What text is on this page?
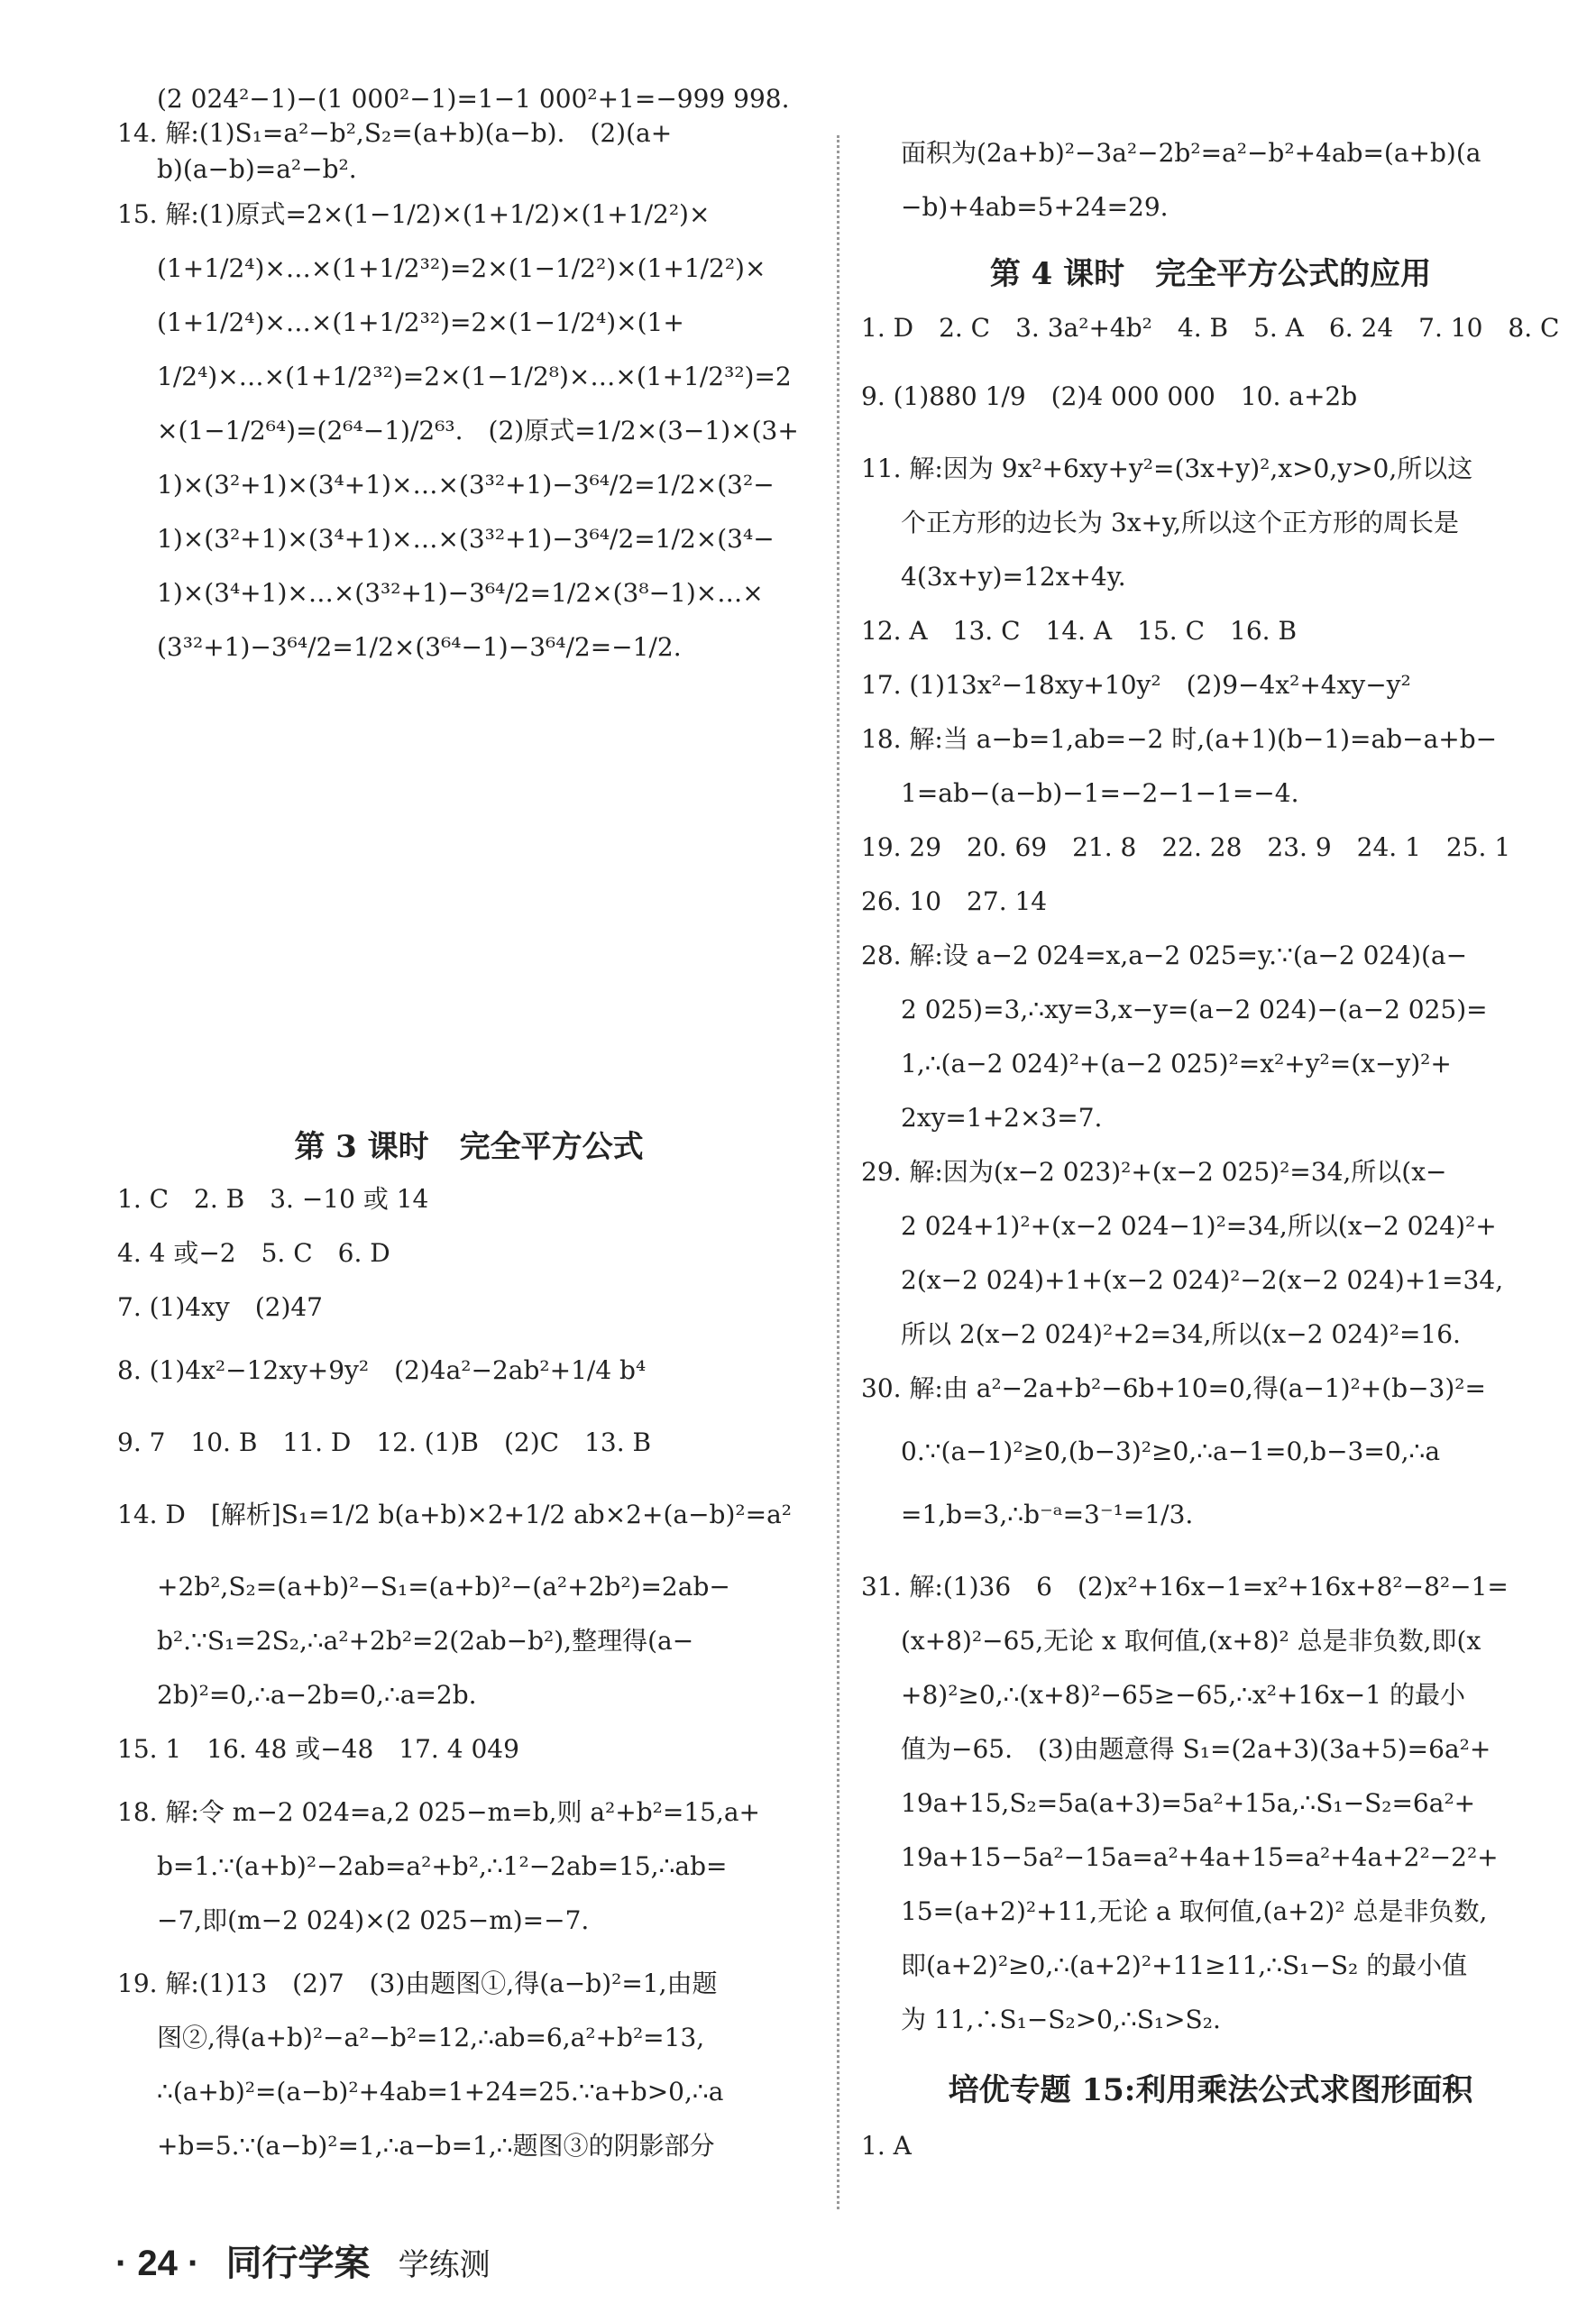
(2 024²−1)−(1 000²−1)=1−1 000²+1=−999 998.
14. 解:(1)S₁=a²−b²,S₂=(a+b)(a−b).　(2)(a+
b)(a−b)=a²−b².
15. 解:(1)原式=2×(1−1/2)×(1+1/2)×(1+1/2²)×
(1+1/2⁴)×…×(1+1/2³²)=2×(1−1/2²)×(1+1/2²)×
(1+1/2⁴)×…×(1+1/2³²)=2×(1−1/2⁴)×(1+
1/2⁴)×…×(1+1/2³²)=2×(1−1/2⁸)×…×(1+1/2³²)=2
×(1−1/2⁶⁴)=(2⁶⁴−1)/2⁶³.　(2)原式=1/2×(3−1)×(3+
1)×(3²+1)×(3⁴+1)×…×(3³²+1)−3⁶⁴/2=1/2×(3²−
1)×(3²+1)×(3⁴+1)×…×(3³²+1)−3⁶⁴/2=1/2×(3⁴−
1)×(3⁴+1)×…×(3³²+1)−3⁶⁴/2=1/2×(3⁸−1)×…×
(3³²+1)−3⁶⁴/2=1/2×(3⁶⁴−1)−3⁶⁴/2=−1/2.
第 3 课时　完全平方公式
1. C　2. B　3. −10 或 14
4. 4 或−2　5. C　6. D
7. (1)4xy　(2)47
8. (1)4x²−12xy+9y²　(2)4a²−2ab²+1/4 b⁴
9. 7　10. B　11. D　12. (1)B　(2)C　13. B
14. D　[解析]S₁=1/2 b(a+b)×2+1/2 ab×2+(a−b)²=a²
+2b²,S₂=(a+b)²−S₁=(a+b)²−(a²+2b²)=2ab−
b².∵S₁=2S₂,∴a²+2b²=2(2ab−b²),整理得(a−
2b)²=0,∴a−2b=0,∴a=2b.
15. 1　16. 48 或−48　17. 4 049
18. 解:令 m−2 024=a,2 025−m=b,则 a²+b²=15,a+
b=1.∵(a+b)²−2ab=a²+b²,∴1²−2ab=15,∴ab=
−7,即(m−2 024)×(2 025−m)=−7.
19. 解:(1)13　(2)7　(3)由题图①,得(a−b)²=1,由题
图②,得(a+b)²−a²−b²=12,∴ab=6,a²+b²=13,
∴(a+b)²=(a−b)²+4ab=1+24=25.∵a+b>0,∴a
+b=5.∵(a−b)²=1,∴a−b=1,∴题图③的阴影部分
面积为(2a+b)²−3a²−2b²=a²−b²+4ab=(a+b)(a
−b)+4ab=5+24=29.
第 4 课时　完全平方公式的应用
1. D　2. C　3. 3a²+4b²　4. B　5. A　6. 24　7. 10　8. C
9. (1)880 1/9　(2)4 000 000　10. a+2b
11. 解:因为 9x²+6xy+y²=(3x+y)²,x>0,y>0,所以这
个正方形的边长为 3x+y,所以这个正方形的周长是
4(3x+y)=12x+4y.
12. A　13. C　14. A　15. C　16. B
17. (1)13x²−18xy+10y²　(2)9−4x²+4xy−y²
18. 解:当 a−b=1,ab=−2 时,(a+1)(b−1)=ab−a+b−
1=ab−(a−b)−1=−2−1−1=−4.
19. 29　20. 69　21. 8　22. 28　23. 9　24. 1　25. 1
26. 10　27. 14
28. 解:设 a−2 024=x,a−2 025=y.∵(a−2 024)(a−
2 025)=3,∴xy=3,x−y=(a−2 024)−(a−2 025)=
1,∴(a−2 024)²+(a−2 025)²=x²+y²=(x−y)²+
2xy=1+2×3=7.
29. 解:因为(x−2 023)²+(x−2 025)²=34,所以(x−
2 024+1)²+(x−2 024−1)²=34,所以(x−2 024)²+
2(x−2 024)+1+(x−2 024)²−2(x−2 024)+1=34,
所以 2(x−2 024)²+2=34,所以(x−2 024)²=16.
30. 解:由 a²−2a+b²−6b+10=0,得(a−1)²+(b−3)²=
0.∵(a−1)²≥0,(b−3)²≥0,∴a−1=0,b−3=0,∴a
=1,b=3,∴b⁻ᵃ=3⁻¹=1/3.
31. 解:(1)36　6　(2)x²+16x−1=x²+16x+8²−8²−1=
(x+8)²−65,无论 x 取何值,(x+8)² 总是非负数,即(x
+8)²≥0,∴(x+8)²−65≥−65,∴x²+16x−1 的最小
值为−65.　(3)由题意得 S₁=(2a+3)(3a+5)=6a²+
19a+15,S₂=5a(a+3)=5a²+15a,∴S₁−S₂=6a²+
19a+15−5a²−15a=a²+4a+15=a²+4a+2²−2²+
15=(a+2)²+11,无论 a 取何值,(a+2)² 总是非负数,
即(a+2)²≥0,∴(a+2)²+11≥11,∴S₁−S₂ 的最小值
为 11,∴S₁−S₂>0,∴S₁>S₂.
培优专题 15:利用乘法公式求图形面积
1. A
· 24 · 同行学案 学练测
